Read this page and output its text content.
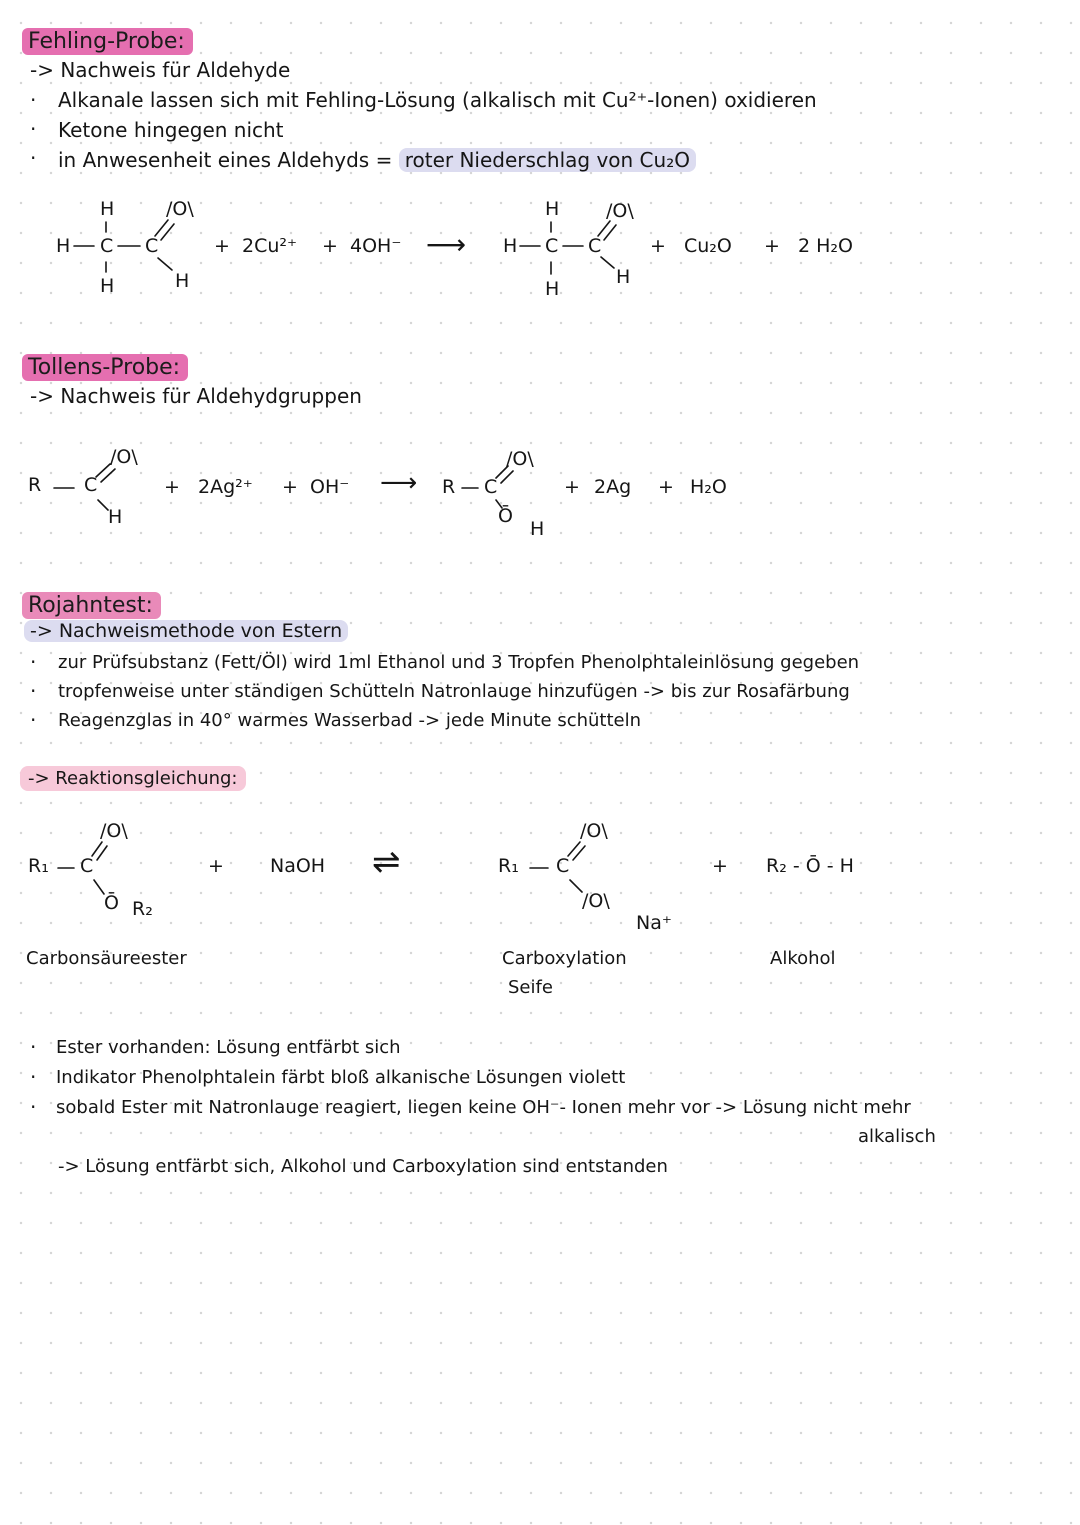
Fehling-Probe:
-> Nachweis für Aldehyde
· Alkanale lassen sich mit Fehling-Lösung (alkalisch mit Cu²⁺-Ionen) oxidieren
· Ketone hingegen nicht
· in Anwesenheit eines Aldehyds = roter Niederschlag von Cu₂O
H
H C C
H	H
/O\
+ 2Cu²⁺ + 4OH⁻ ⟶
H
H C C
H
H
/O\
+ Cu₂O + 2 H₂O
Tollens-Probe:
-> Nachweis für Aldehydgruppen
R C
H
/O\
+ 2Ag²⁺ + OH⁻ ⟶ R C
/O\
Ō
H
+ 2Ag + H₂O
Rojahntest:
-> Nachweismethode von Estern
· zur Prüfsubstanz (Fett/Öl) wird 1ml Ethanol und 3 Tropfen Phenolphtaleinlösung gegeben
· tropfenweise unter ständigen Schütteln Natronlauge hinzufügen -> bis zur Rosafärbung
· Reagenzglas in 40° warmes Wasserbad -> jede Minute schütteln
-> Reaktionsgleichung:
R₁ C
/O\
Ō R₂
+ NaOH ⇌	R₁ C
/O\
/O\
Na⁺
+ R₂ - Ō - H
Carbonsäureester	Carboxylation
Seife
Alkohol
· Ester vorhanden: Lösung entfärbt sich
· Indikator Phenolphtalein färbt bloß alkanische Lösungen violett
· sobald Ester mit Natronlauge reagiert, liegen keine OH⁻- Ionen mehr vor -> Lösung nicht mehr
alkalisch
-> Lösung entfärbt sich, Alkohol und Carboxylation sind entstanden
